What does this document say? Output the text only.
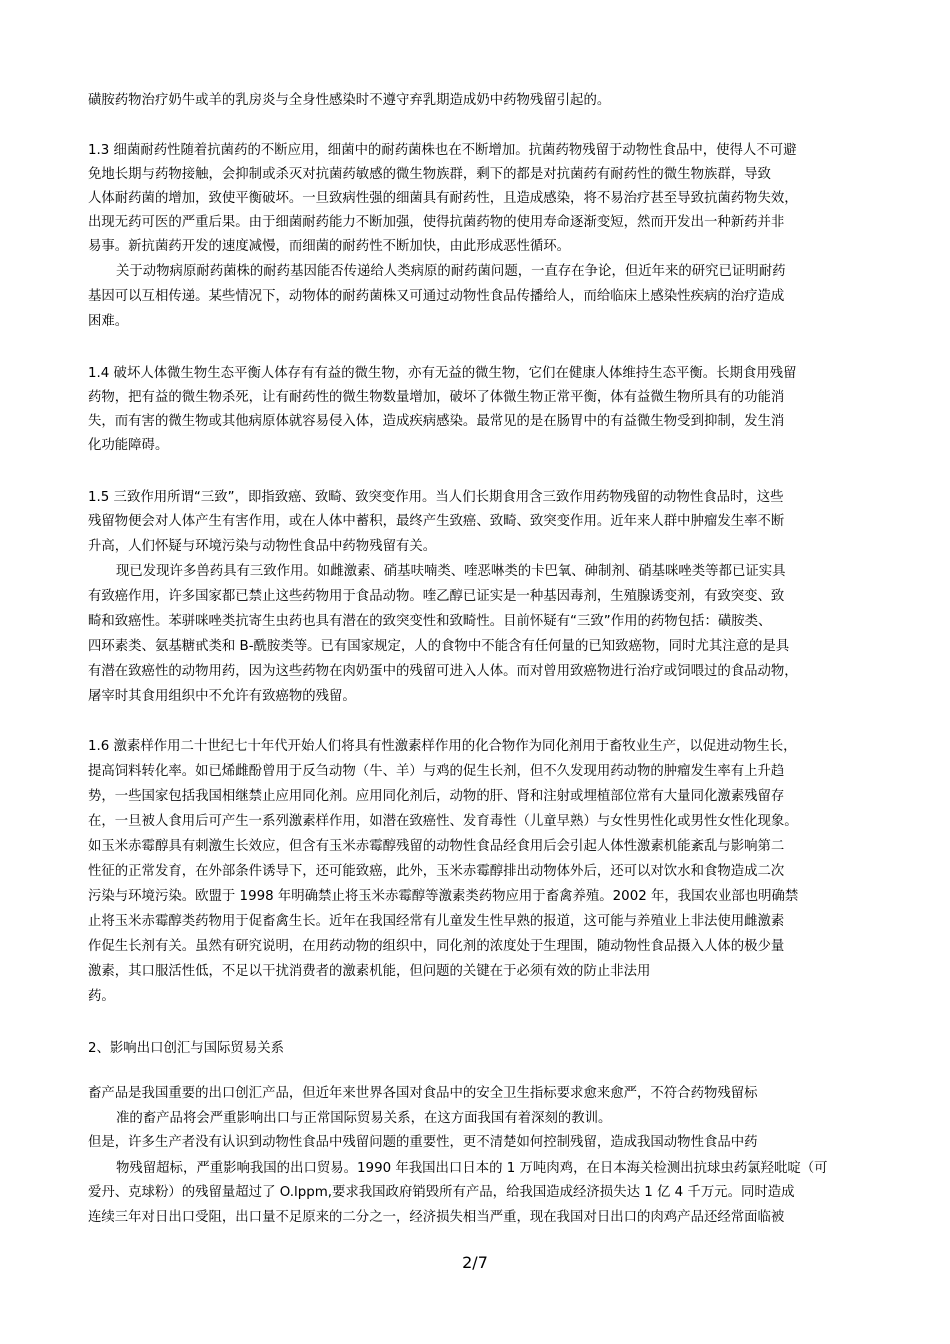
磺胺药物治疗奶牛或羊的乳房炎与全身性感染时不遵守弃乳期造成奶中药物残留引起的。
1.3 细菌耐药性随着抗菌药的不断应用，细菌中的耐药菌株也在不断增加。抗菌药物残留于动物性食品中，使得人不可避
免地长期与药物接触，会抑制或杀灭对抗菌药敏感的微生物族群，剩下的都是对抗菌药有耐药性的微生物族群，导致
人体耐药菌的增加，致使平衡破坏。一旦致病性强的细菌具有耐药性，且造成感染，将不易治疗甚至导致抗菌药物失效，
出现无药可医的严重后果。由于细菌耐药能力不断加强，使得抗菌药物的使用寿命逐渐变短，然而开发出一种新药并非
易事。新抗菌药开发的速度减慢，而细菌的耐药性不断加快，由此形成恶性循环。
关于动物病原耐药菌株的耐药基因能否传递给人类病原的耐药菌问题，一直存在争论，但近年来的研究已证明耐药
基因可以互相传递。某些情况下，动物体的耐药菌株又可通过动物性食品传播给人，而给临床上感染性疾病的治疗造成
困难。
1.4 破坏人体微生物生态平衡人体存有有益的微生物，亦有无益的微生物，它们在健康人体维持生态平衡。长期食用残留
药物，把有益的微生物杀死，让有耐药性的微生物数量增加，破坏了体微生物正常平衡，体有益微生物所具有的功能消
失，而有害的微生物或其他病原体就容易侵入体，造成疾病感染。最常见的是在肠胃中的有益微生物受到抑制，发生消
化功能障碍。
1.5 三致作用所谓“三致”，即指致癌、致畸、致突变作用。当人们长期食用含三致作用药物残留的动物性食品时，这些
残留物便会对人体产生有害作用，或在人体中蓄积，最终产生致癌、致畸、致突变作用。近年来人群中肿瘤发生率不断
升高，人们怀疑与环境污染与动物性食品中药物残留有关。
现已发现许多兽药具有三致作用。如雌激素、硝基呋喃类、喹恶啉类的卡巴氧、砷制剂、硝基咪唑类等都已证实具
有致癌作用，许多国家都已禁止这些药物用于食品动物。喹乙醇已证实是一种基因毒剂，生殖腺诱变剂，有致突变、致
畸和致癌性。苯骈咪唑类抗寄生虫药也具有潜在的致突变性和致畸性。目前怀疑有“三致”作用的药物包括：磺胺类、
四环素类、氨基糖甙类和 B-酰胺类等。已有国家规定，人的食物中不能含有任何量的已知致癌物，同时尤其注意的是具
有潜在致癌性的动物用药，因为这些药物在肉奶蛋中的残留可进入人体。而对曾用致癌物进行治疗或饲喂过的食品动物，
屠宰时其食用组织中不允许有致癌物的残留。
1.6 激素样作用二十世纪七十年代开始人们将具有性激素样作用的化合物作为同化剂用于畜牧业生产，以促进动物生长，
提高饲料转化率。如已烯雌酚曾用于反刍动物（牛、羊）与鸡的促生长剂，但不久发现用药动物的肿瘤发生率有上升趋
势，一些国家包括我国相继禁止应用同化剂。应用同化剂后，动物的肝、肾和注射或埋植部位常有大量同化激素残留存
在，一旦被人食用后可产生一系列激素样作用，如潜在致癌性、发育毒性（儿童早熟）与女性男性化或男性女性化现象。
如玉米赤霉醇具有刺激生长效应，但含有玉米赤霉醇残留的动物性食品经食用后会引起人体性激素机能紊乱与影响第二
性征的正常发育，在外部条件诱导下，还可能致癌，此外，玉米赤霉醇排出动物体外后，还可以对饮水和食物造成二次
污染与环境污染。欧盟于 1998 年明确禁止将玉米赤霉醇等激素类药物应用于畜禽养殖。2002 年，我国农业部也明确禁
止将玉米赤霉醇类药物用于促畜禽生长。近年在我国经常有儿童发生性早熟的报道，这可能与养殖业上非法使用雌激素
作促生长剂有关。虽然有研究说明，在用药动物的组织中，同化剂的浓度处于生理围，随动物性食品摄入人体的极少量
激素，其口服活性低，不足以干扰消费者的激素机能，但问题的关键在于必须有效的防止非法用
药。
2、影响出口创汇与国际贸易关系
畜产品是我国重要的出口创汇产品，但近年来世界各国对食品中的安全卫生指标要求愈来愈严，不符合药物残留标
准的畜产品将会严重影响出口与正常国际贸易关系，在这方面我国有着深刻的教训。
但是，许多生产者没有认识到动物性食品中残留问题的重要性，更不清楚如何控制残留，造成我国动物性食品中药
物残留超标，严重影响我国的出口贸易。1990 年我国出口日本的 1 万吨肉鸡，在日本海关检测出抗球虫药氯羟吡啶（可
爱丹、克球粉）的残留量超过了 O.lppm,要求我国政府销毁所有产品，给我国造成经济损失达 1 亿 4 千万元。同时造成
连续三年对日出口受阻，出口量不足原来的二分之一，经济损失相当严重，现在我国对日出口的肉鸡产品还经常面临被
2/7
